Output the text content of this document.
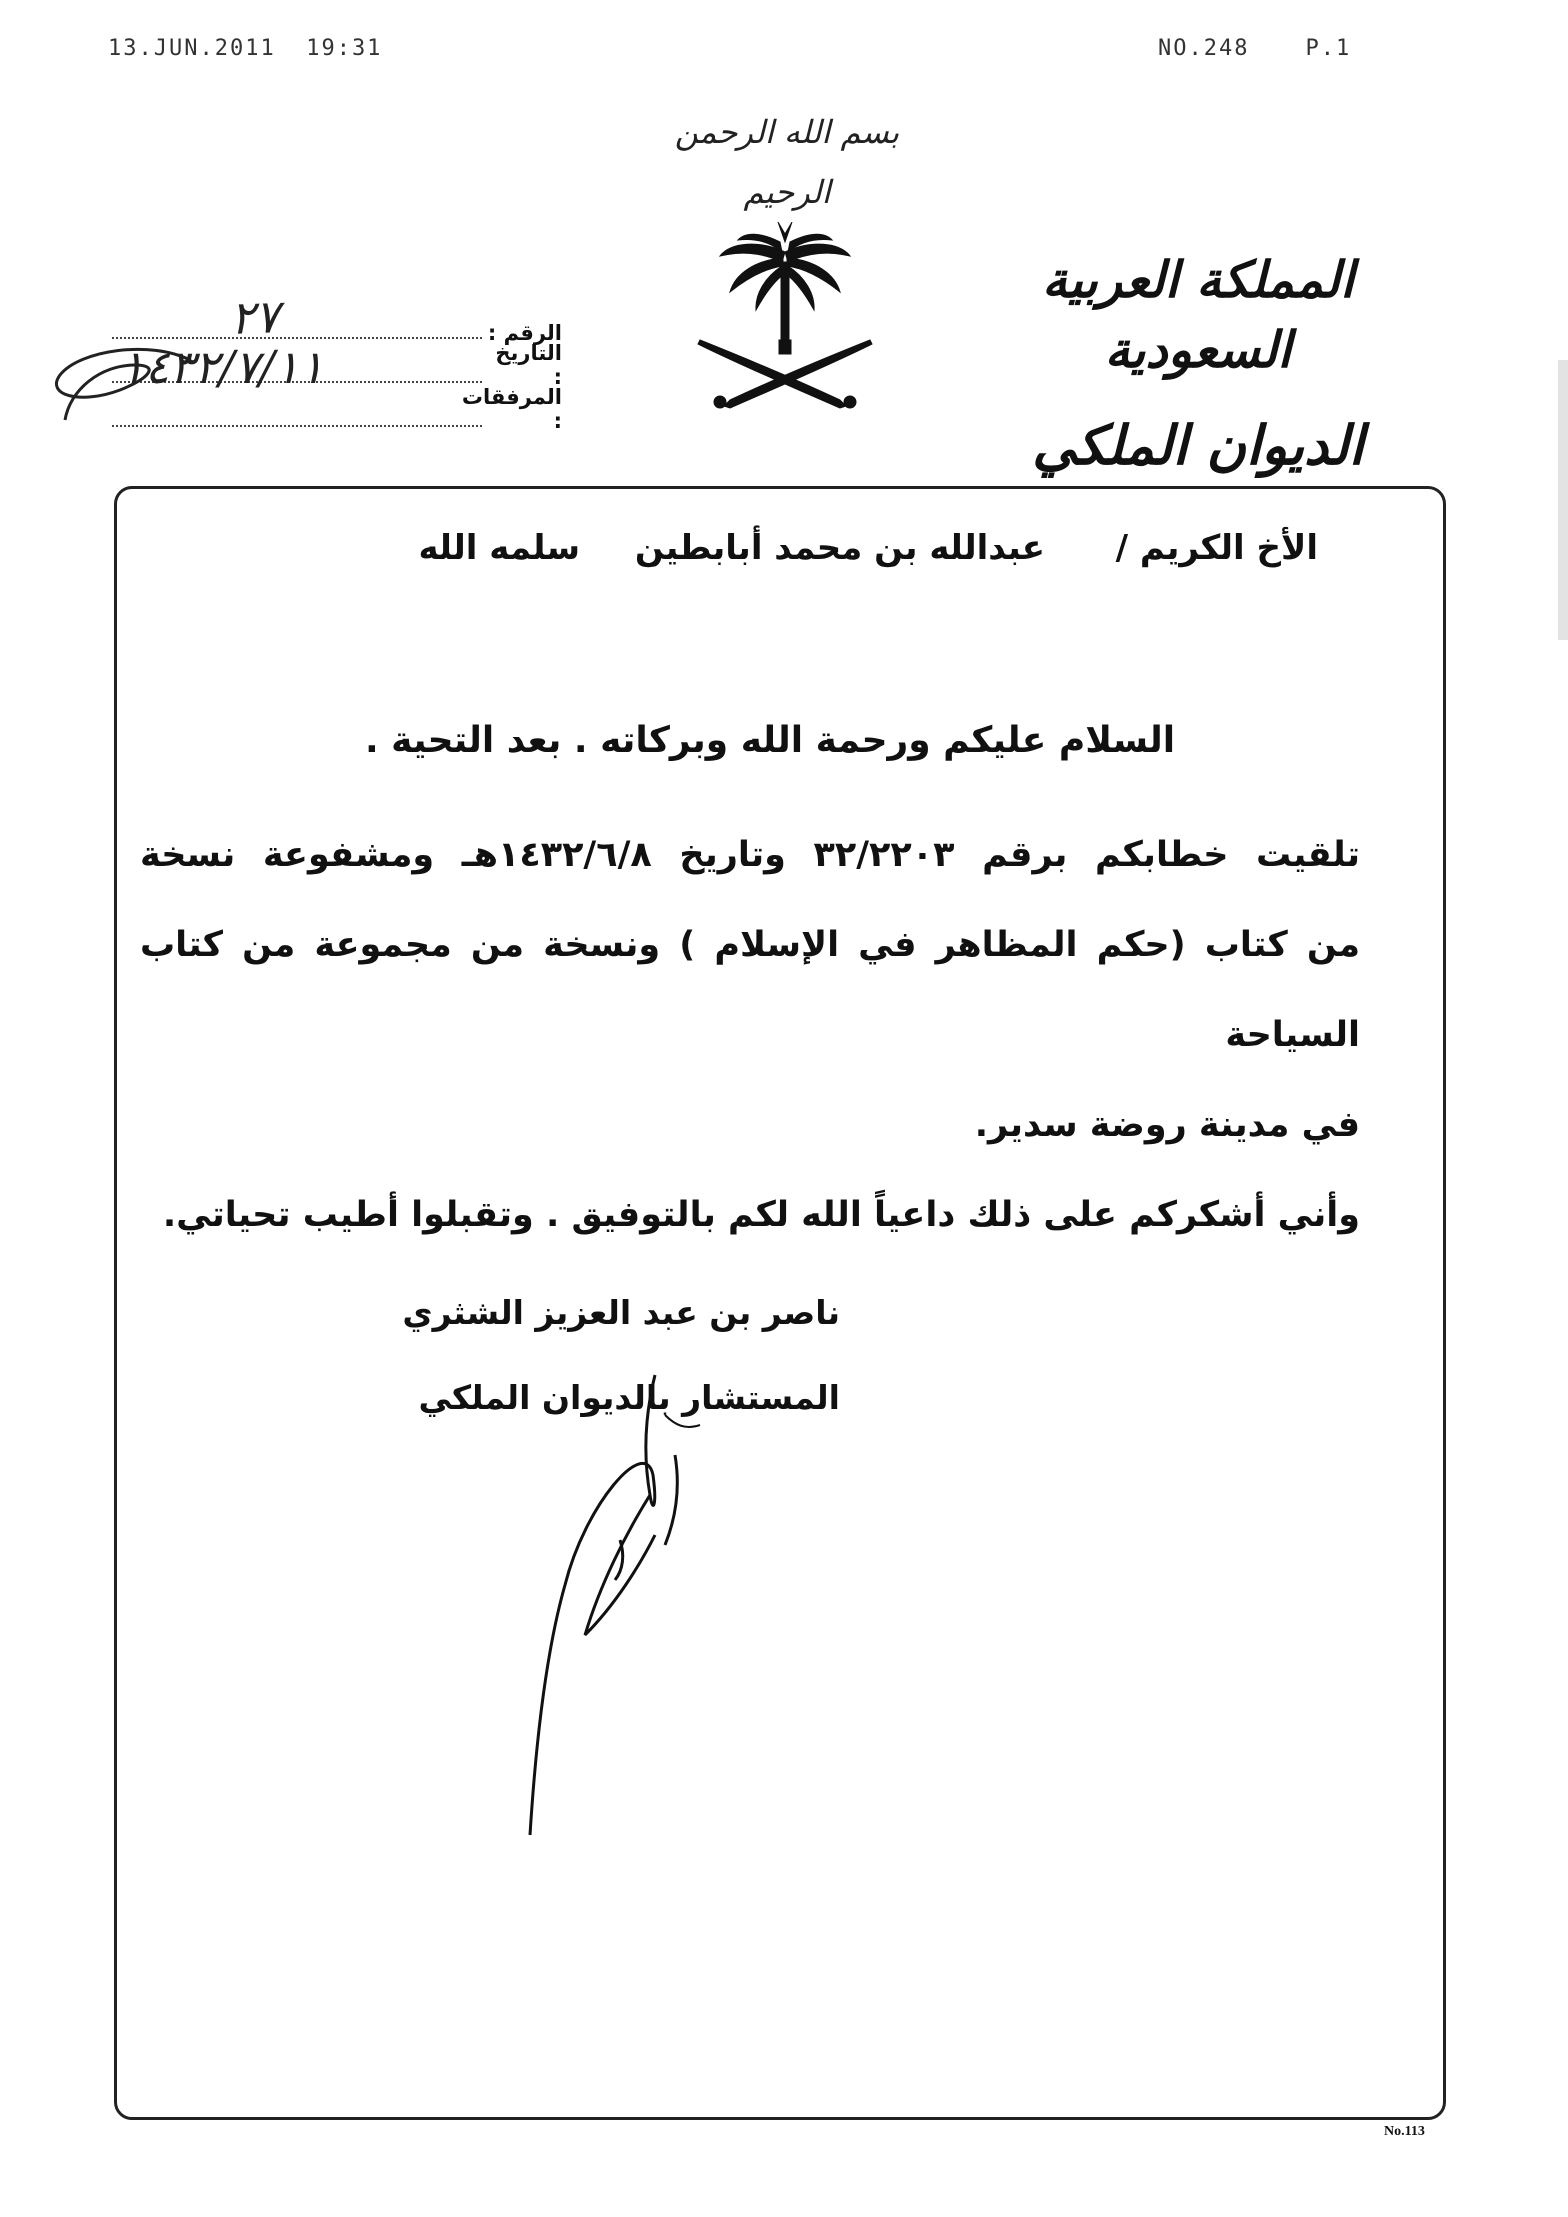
13.JUN.2011 19:31	NO.248	P.1
بسم الله الرحمن الرحيم
المملكة العربية السعودية
الديوان الملكي
الرقم :
التاريخ :
المرفقات :
٢٧
١٤٣٢/٧/١١
الأخ الكريم /
عبدالله بن محمد أبابطين
سلمه الله
السلام عليكم ورحمة الله وبركاته . بعد التحية .

تلقيت خطابكم برقم ٣٢/٢٢٠٣ وتاريخ ١٤٣٢/٦/٨هـ ومشفوعة نسخة

من كتاب (حكم المظاهر في الإسلام ) ونسخة من مجموعة من كتاب السياحة

في مدينة روضة سدير.

وأني أشكركم على ذلك داعياً الله لكم بالتوفيق . وتقبلوا أطيب تحياتي.

ناصر بن عبد العزيز الشثري

المستشار بالديوان الملكي

No.113
